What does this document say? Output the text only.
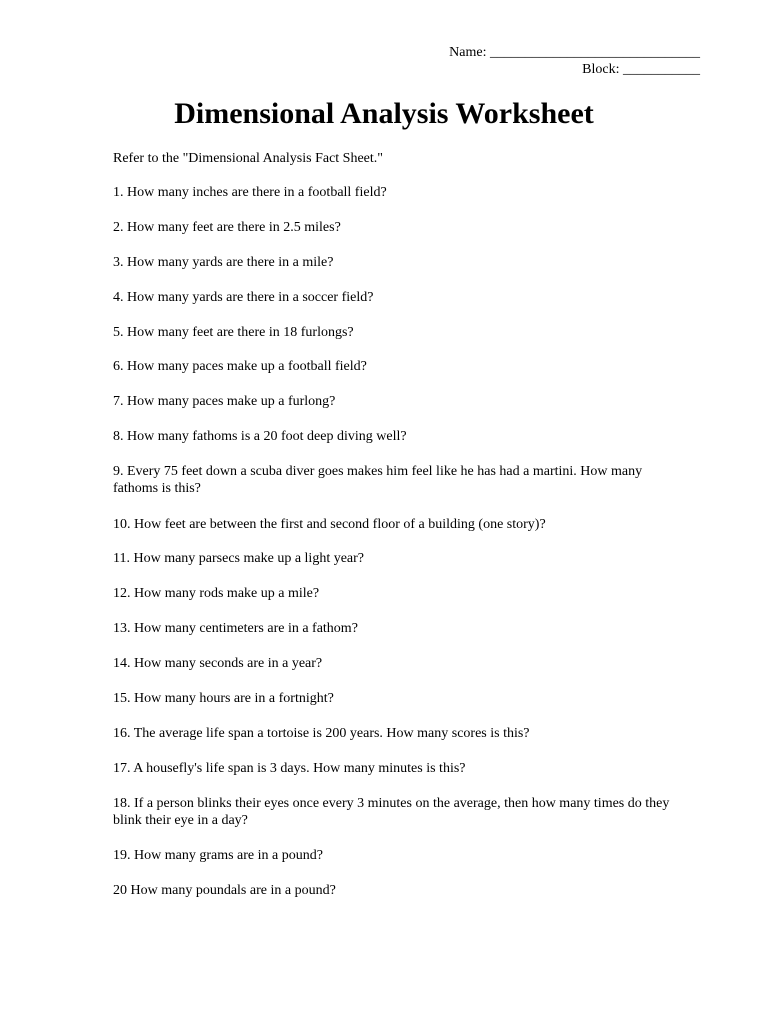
Name: ______________________________
Block: ___________
Dimensional Analysis Worksheet

Refer to the "Dimensional Analysis Fact Sheet."

1. How many inches are there in a football field?

2. How many feet are there in 2.5 miles?

3. How many yards are there in a mile?

4. How many yards are there in a soccer field?

5. How many feet are there in 18 furlongs?

6. How many paces make up a football field?

7. How many paces make up a furlong?

8. How many fathoms is a 20 foot deep diving well?

9. Every 75 feet down a scuba diver goes makes him feel like he has had a martini. How many fathoms is this?

10. How feet are between the first and second floor of a building (one story)?

11. How many parsecs make up a light year?

12. How many rods make up a mile?

13. How many centimeters are in a fathom?

14. How many seconds are in a year?

15. How many hours are in a fortnight?

16. The average life span a tortoise is 200 years. How many scores is this?

17. A housefly's life span is 3 days. How many minutes is this?

18. If a person blinks their eyes once every 3 minutes on the average, then how many times do they blink their eye in a day?

19. How many grams are in a pound?

20 How many poundals are in a pound?
